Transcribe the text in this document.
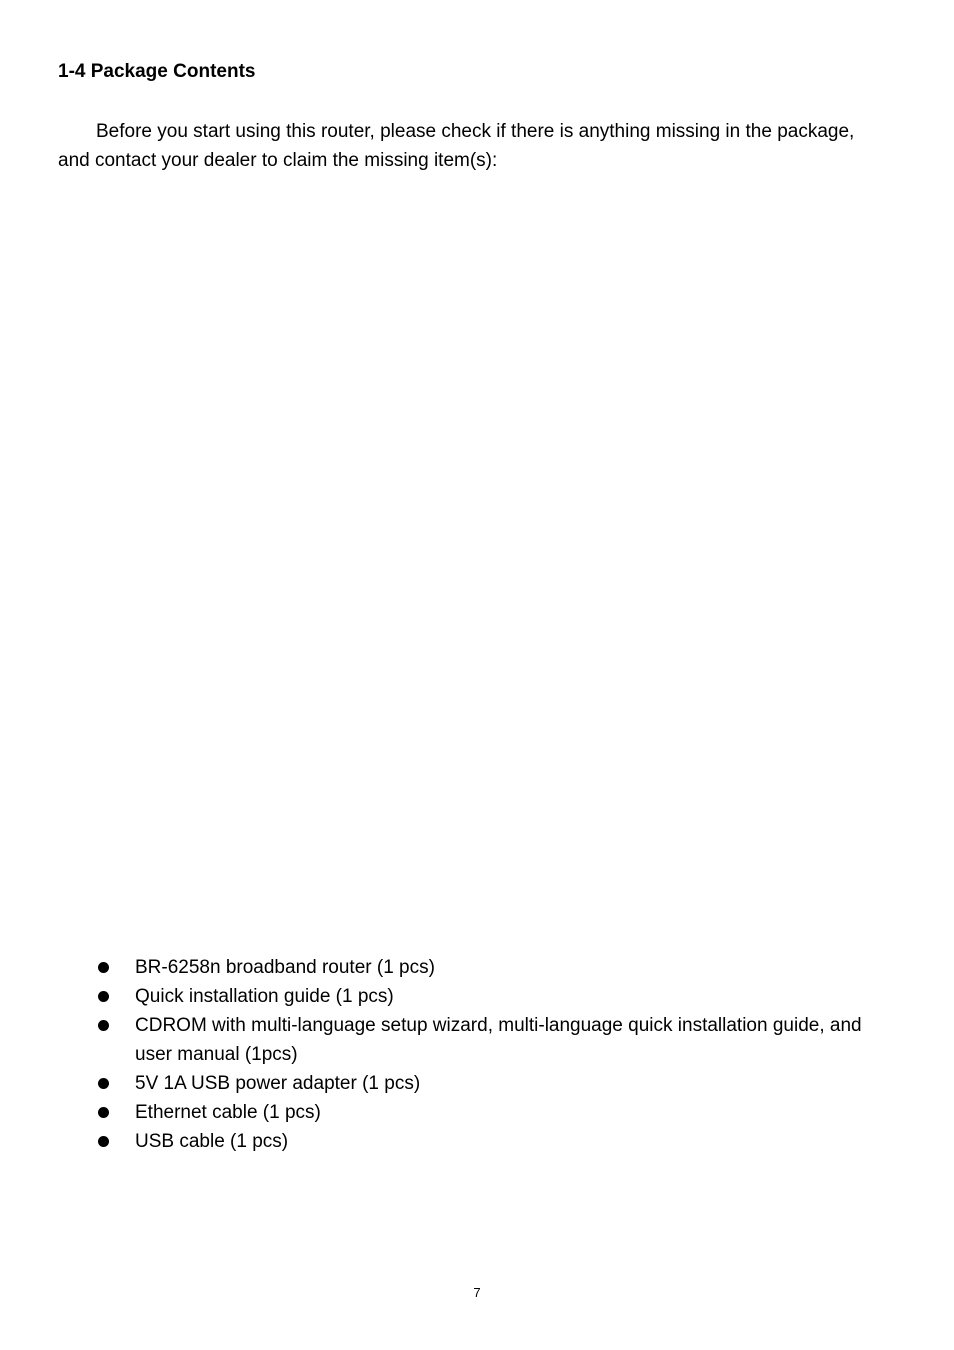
1-4 Package Contents

Before you start using this router, please check if there is anything missing in the package, and contact your dealer to claim the missing item(s):

BR-6258n broadband router (1 pcs)
Quick installation guide (1 pcs)
CDROM with multi-language setup wizard, multi-language quick installation guide, and user manual (1pcs)
5V 1A USB power adapter (1 pcs)
Ethernet cable (1 pcs)
USB cable (1 pcs)
7
